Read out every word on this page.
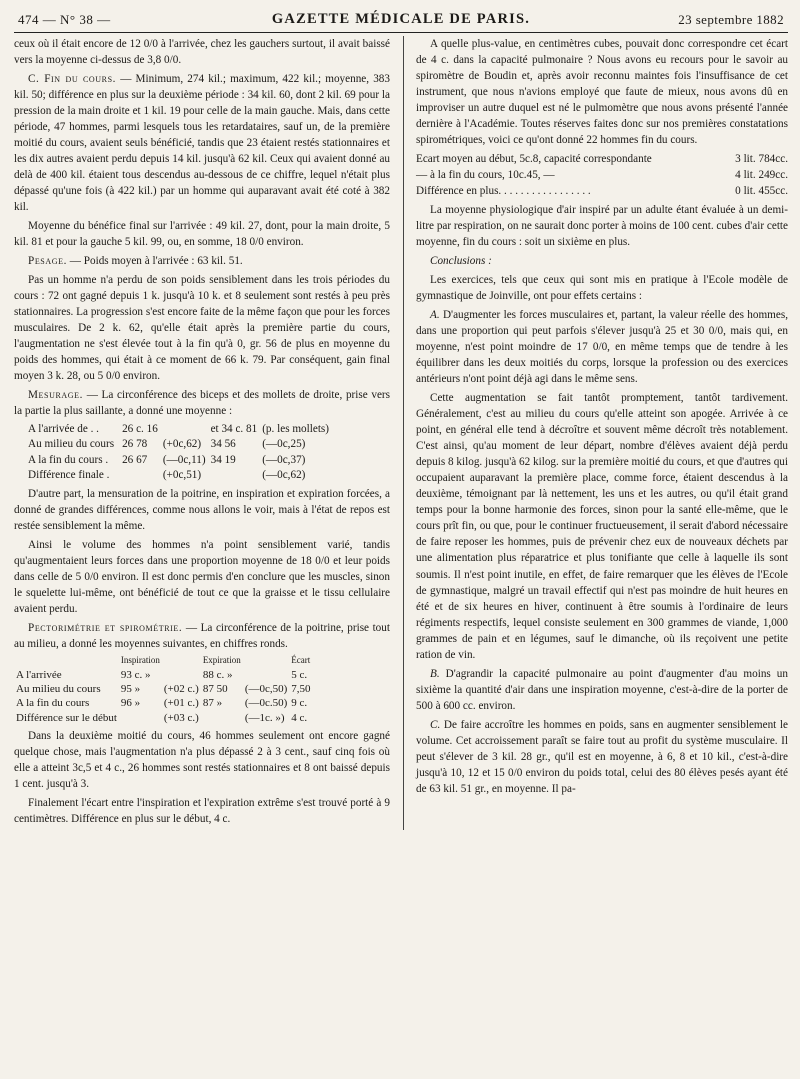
474 — N° 38 —	GAZETTE MÉDICALE DE PARIS.	23 septembre 1882

ceux où il était encore de 12 0/0 à l'arrivée, chez les gauchers surtout, il avait baissé vers la moyenne ci-dessus de 3,8 0/0.

C. Fin du cours. — Minimum, 274 kil.; maximum, 422 kil.; moyenne, 383 kil. 50; différence en plus sur la deuxième période : 34 kil. 60, dont 2 kil. 69 pour la pression de la main droite et 1 kil. 19 pour celle de la main gauche. Mais, dans cette période, 47 hommes, parmi lesquels tous les retardataires, sauf un, de la première moitié du cours, avaient seuls bénéficié, tandis que 23 étaient restés stationnaires et les dix autres avaient perdu depuis 14 kil. jusqu'à 62 kil. Ceux qui avaient donné au delà de 400 kil. étaient tous descendus au-dessous de ce chiffre, lequel n'était plus dépassé qu'une fois (à 422 kil.) par un homme qui auparavant avait été coté à 382 kil.

Moyenne du bénéfice final sur l'arrivée : 49 kil. 27, dont, pour la main droite, 5 kil. 81 et pour la gauche 5 kil. 99, ou, en somme, 18 0/0 environ.

Pesage. — Poids moyen à l'arrivée : 63 kil. 51.

Pas un homme n'a perdu de son poids sensiblement dans les trois périodes du cours : 72 ont gagné depuis 1 k. jusqu'à 10 k. et 8 seulement sont restés à peu près stationnaires. La progression s'est encore faite de la même façon que pour les forces musculaires. De 2 k. 62, qu'elle était après la première partie du cours, l'augmentation ne s'est élevée tout à la fin qu'à 0, gr. 56 de plus en moyenne du poids des hommes, qui était à ce moment de 66 k. 79. Par conséquent, gain final moyen 3 k. 28, ou 5 0/0 environ.

Mesurage. — La circonférence des biceps et des mollets de droite, prise vers la partie la plus saillante, a donné une moyenne :

A l'arrivée de . .	26 c. 16		et 34 c. 81	(p. les mollets)
Au milieu du cours	26 78	(+0c,62)	34 56	(—0c,25)
A la fin du cours .	26 67	(—0c,11)	34 19	(—0c,37)
Différence finale .		(+0c,51)		(—0c,62)

D'autre part, la mensuration de la poitrine, en inspiration et expiration forcées, a donné de grandes différences, comme nous allons le voir, mais à l'état de repos est restée sensiblement la même.

Ainsi le volume des hommes n'a point sensiblement varié, tandis qu'augmentaient leurs forces dans une proportion moyenne de 18 0/0 et leur poids dans celle de 5 0/0 environ. Il est donc permis d'en conclure que les muscles, sinon le squelette lui-même, ont bénéficié de tout ce que la graisse et le tissu cellulaire avaient perdu.

Pectorimétrie et spirométrie. — La circonférence de la poitrine, prise tout au milieu, a donné les moyennes suivantes, en chiffres ronds.

	Inspiration		Expiration		Écart
A l'arrivée	93 c. »		88 c. »		5 c.
Au milieu du cours	95 »	(+02 c.)	87 50	(—0c,50)	7,50
A la fin du cours	96 »	(+01 c.)	87 »	(—0c.50)	9 c.
Différence sur le début		(+03 c.)		(—1c. »)	4 c.

Dans la deuxième moitié du cours, 46 hommes seulement ont encore gagné quelque chose, mais l'augmentation n'a plus dépassé 2 à 3 cent., sauf cinq fois où elle a atteint 3c,5 et 4 c., 26 hommes sont restés stationnaires et 8 ont baissé depuis 1 cent. jusqu'à 3.

Finalement l'écart entre l'inspiration et l'expiration extrême s'est trouvé porté à 9 centimètres. Différence en plus sur le début, 4 c.

A quelle plus-value, en centimètres cubes, pouvait donc correspondre cet écart de 4 c. dans la capacité pulmonaire ? Nous avons eu recours pour le savoir au spiromètre de Boudin et, après avoir reconnu maintes fois l'insuffisance de cet instrument, que nous n'avions employé que faute de mieux, nous avons dû en improviser un autre duquel est né le pulmomètre que nous avons présenté l'année dernière à l'Académie. Toutes réserves faites donc sur nos premières constatations spirométriques, voici ce qu'ont donné 22 hommes fin du cours.

Ecart moyen au début, 5c.8, capacité correspondante	3 lit. 784cc.
— à la fin du cours, 10c.45, —	4 lit. 249cc.
Différence en plus. . . . . . . . . . . . . . . . .	0 lit. 455cc.

La moyenne physiologique d'air inspiré par un adulte étant évaluée à un demi-litre par respiration, on ne saurait donc porter à moins de 100 cent. cubes d'air cette moyenne, fin du cours : soit un sixième en plus.

Conclusions :

Les exercices, tels que ceux qui sont mis en pratique à l'Ecole modèle de gymnastique de Joinville, ont pour effets certains :

A. D'augmenter les forces musculaires et, partant, la valeur réelle des hommes, dans une proportion qui peut parfois s'élever jusqu'à 25 et 30 0/0, mais qui, en moyenne, n'est point moindre de 17 0/0, en même temps que de tendre à les équilibrer dans les deux moitiés du corps, lorsque la profession ou des exercices antérieurs n'ont point déjà agi dans le même sens.

Cette augmentation se fait tantôt promptement, tantôt tardivement. Généralement, c'est au milieu du cours qu'elle atteint son apogée. Arrivée à ce point, en général elle tend à décroître et souvent même décroît très notablement. C'est ainsi, qu'au moment de leur départ, nombre d'élèves avaient déjà perdu depuis 8 kilog. jusqu'à 62 kilog. sur la première moitié du cours, et que d'autres qui occupaient auparavant la première place, comme force, étaient descendus à la deuxième, témoignant par là nettement, les uns et les autres, ou qu'il était grand temps pour la bonne harmonie des forces, sinon pour la santé elle-même, que le cours prît fin, ou que, pour le continuer fructueusement, il serait d'abord nécessaire de faire reposer les hommes, puis de prévenir chez eux de nouveaux déchets par une alimentation plus réparatrice et plus tonifiante que celle à laquelle ils sont soumis. Il n'est point inutile, en effet, de faire remarquer que les élèves de l'Ecole de gymnastique, malgré un travail effectif qui n'est pas moindre de huit heures en été et de six heures en hiver, continuent à être soumis à l'ordinaire de leurs régiments respectifs, lequel consiste seulement en 300 grammes de viande, 1,000 grammes de pain et en légumes, sauf le dimanche, où ils reçoivent une petite ration de vin.

B. D'agrandir la capacité pulmonaire au point d'augmenter d'au moins un sixième la quantité d'air dans une inspiration moyenne, c'est-à-dire de la porter de 500 à 600 cc. environ.

C. De faire accroître les hommes en poids, sans en augmenter sensiblement le volume. Cet accroissement paraît se faire tout au profit du système musculaire. Il peut s'élever de 3 kil. 28 gr., qu'il est en moyenne, à 6, 8 et 10 kil., c'est-à-dire jusqu'à 10, 12 et 15 0/0 environ du poids total, celui des 80 élèves pesés ayant été de 63 kil. 51 gr., en moyenne. Il pa-
